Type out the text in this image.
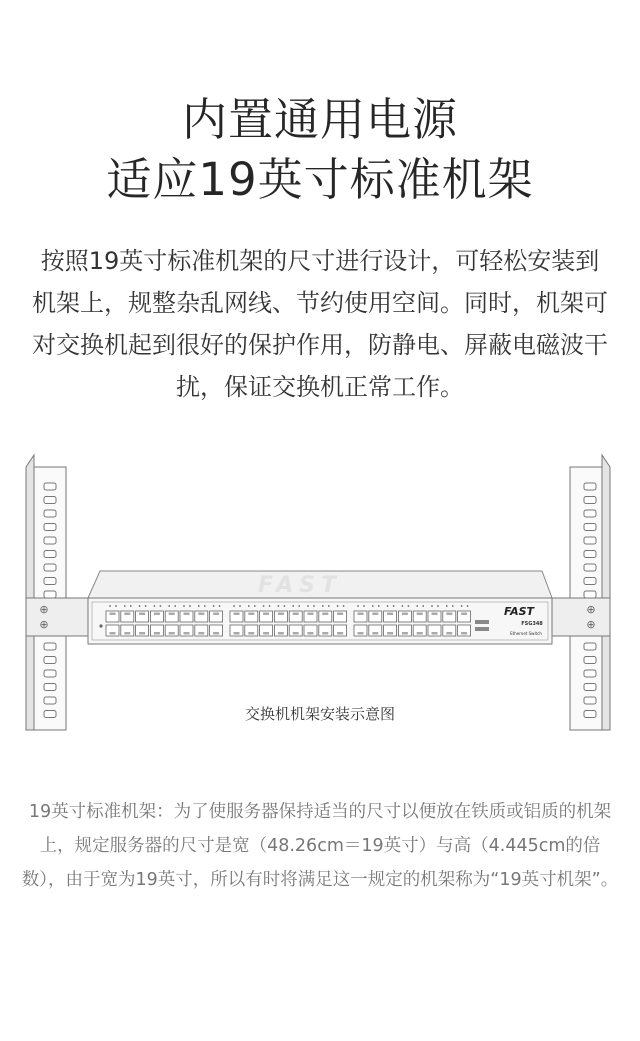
内置通用电源
适应19英寸标准机架
按照19英寸标准机架的尺寸进行设计，可轻松安装到机架上，规整杂乱网线、节约使用空间。同时，机架可对交换机起到很好的保护作用，防静电、屏蔽电磁波干扰，保证交换机正常工作。
⊕
⊕
⊕
⊕
FAST
FAST
FSG348
Ethernet Switch
交换机机架安装示意图
19英寸标准机架：为了使服务器保持适当的尺寸以便放在铁质或铝质的机架上，规定服务器的尺寸是宽（48.26cm＝19英寸）与高（4.445cm的倍数），由于宽为19英寸，所以有时将满足这一规定的机架称为“19英寸机架”。
